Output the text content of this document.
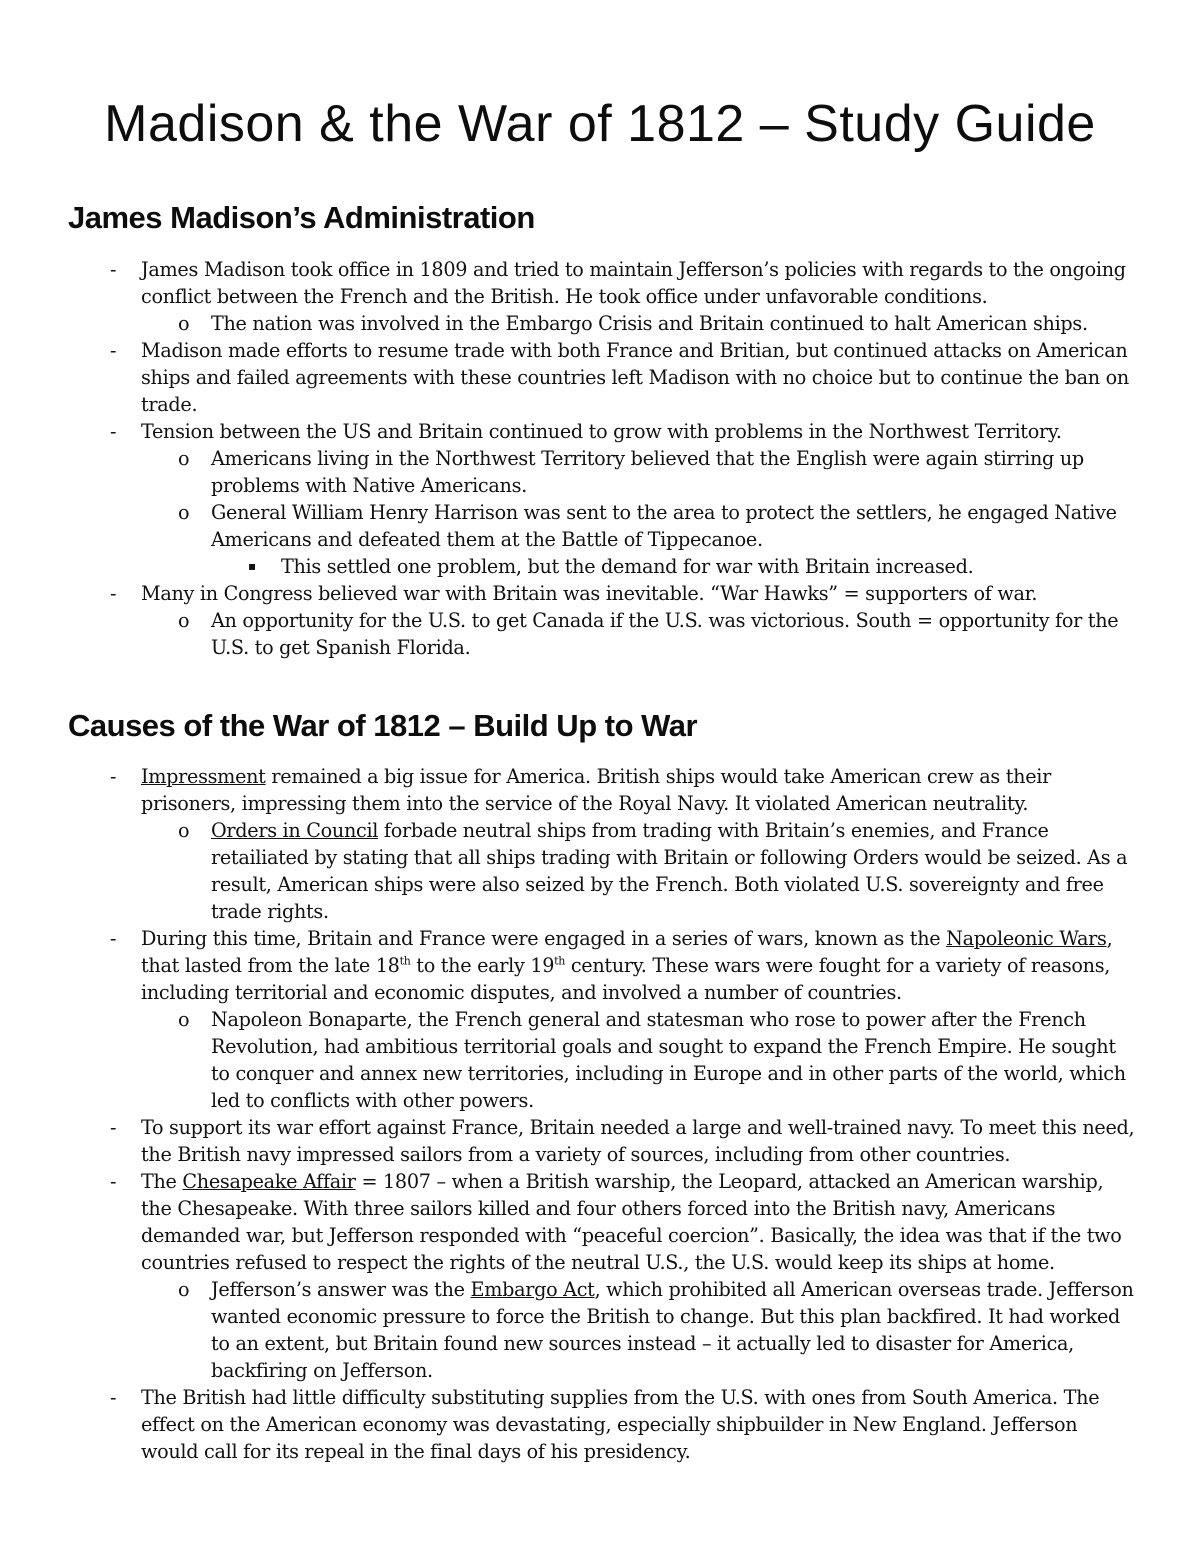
Madison & the War of 1812 – Study Guide
James Madison’s Administration
- James Madison took office in 1809 and tried to maintain Jefferson’s policies with regards to the ongoing conflict between the French and the British. He took office under unfavorable conditions.
o The nation was involved in the Embargo Crisis and Britain continued to halt American ships.
- Madison made efforts to resume trade with both France and Britian, but continued attacks on American ships and failed agreements with these countries left Madison with no choice but to continue the ban on trade.
- Tension between the US and Britain continued to grow with problems in the Northwest Territory.
o Americans living in the Northwest Territory believed that the English were again stirring up problems with Native Americans.
o General William Henry Harrison was sent to the area to protect the settlers, he engaged Native Americans and defeated them at the Battle of Tippecanoe.
▪ This settled one problem, but the demand for war with Britain increased.
- Many in Congress believed war with Britain was inevitable. “War Hawks” = supporters of war.
o An opportunity for the U.S. to get Canada if the U.S. was victorious. South = opportunity for the U.S. to get Spanish Florida.
Causes of the War of 1812 – Build Up to War
- Impressment remained a big issue for America. British ships would take American crew as their prisoners, impressing them into the service of the Royal Navy. It violated American neutrality.
o Orders in Council forbade neutral ships from trading with Britain’s enemies, and France retailiated by stating that all ships trading with Britain or following Orders would be seized. As a result, American ships were also seized by the French. Both violated U.S. sovereignty and free trade rights.
- During this time, Britain and France were engaged in a series of wars, known as the Napoleonic Wars, that lasted from the late 18th to the early 19th century. These wars were fought for a variety of reasons, including territorial and economic disputes, and involved a number of countries.
o Napoleon Bonaparte, the French general and statesman who rose to power after the French Revolution, had ambitious territorial goals and sought to expand the French Empire. He sought to conquer and annex new territories, including in Europe and in other parts of the world, which led to conflicts with other powers.
- To support its war effort against France, Britain needed a large and well-trained navy. To meet this need, the British navy impressed sailors from a variety of sources, including from other countries.
- The Chesapeake Affair = 1807 – when a British warship, the Leopard, attacked an American warship, the Chesapeake. With three sailors killed and four others forced into the British navy, Americans demanded war, but Jefferson responded with “peaceful coercion”. Basically, the idea was that if the two countries refused to respect the rights of the neutral U.S., the U.S. would keep its ships at home.
o Jefferson’s answer was the Embargo Act, which prohibited all American overseas trade. Jefferson wanted economic pressure to force the British to change. But this plan backfired. It had worked to an extent, but Britain found new sources instead – it actually led to disaster for America, backfiring on Jefferson.
- The British had little difficulty substituting supplies from the U.S. with ones from South America. The effect on the American economy was devastating, especially shipbuilder in New England. Jefferson would call for its repeal in the final days of his presidency.
